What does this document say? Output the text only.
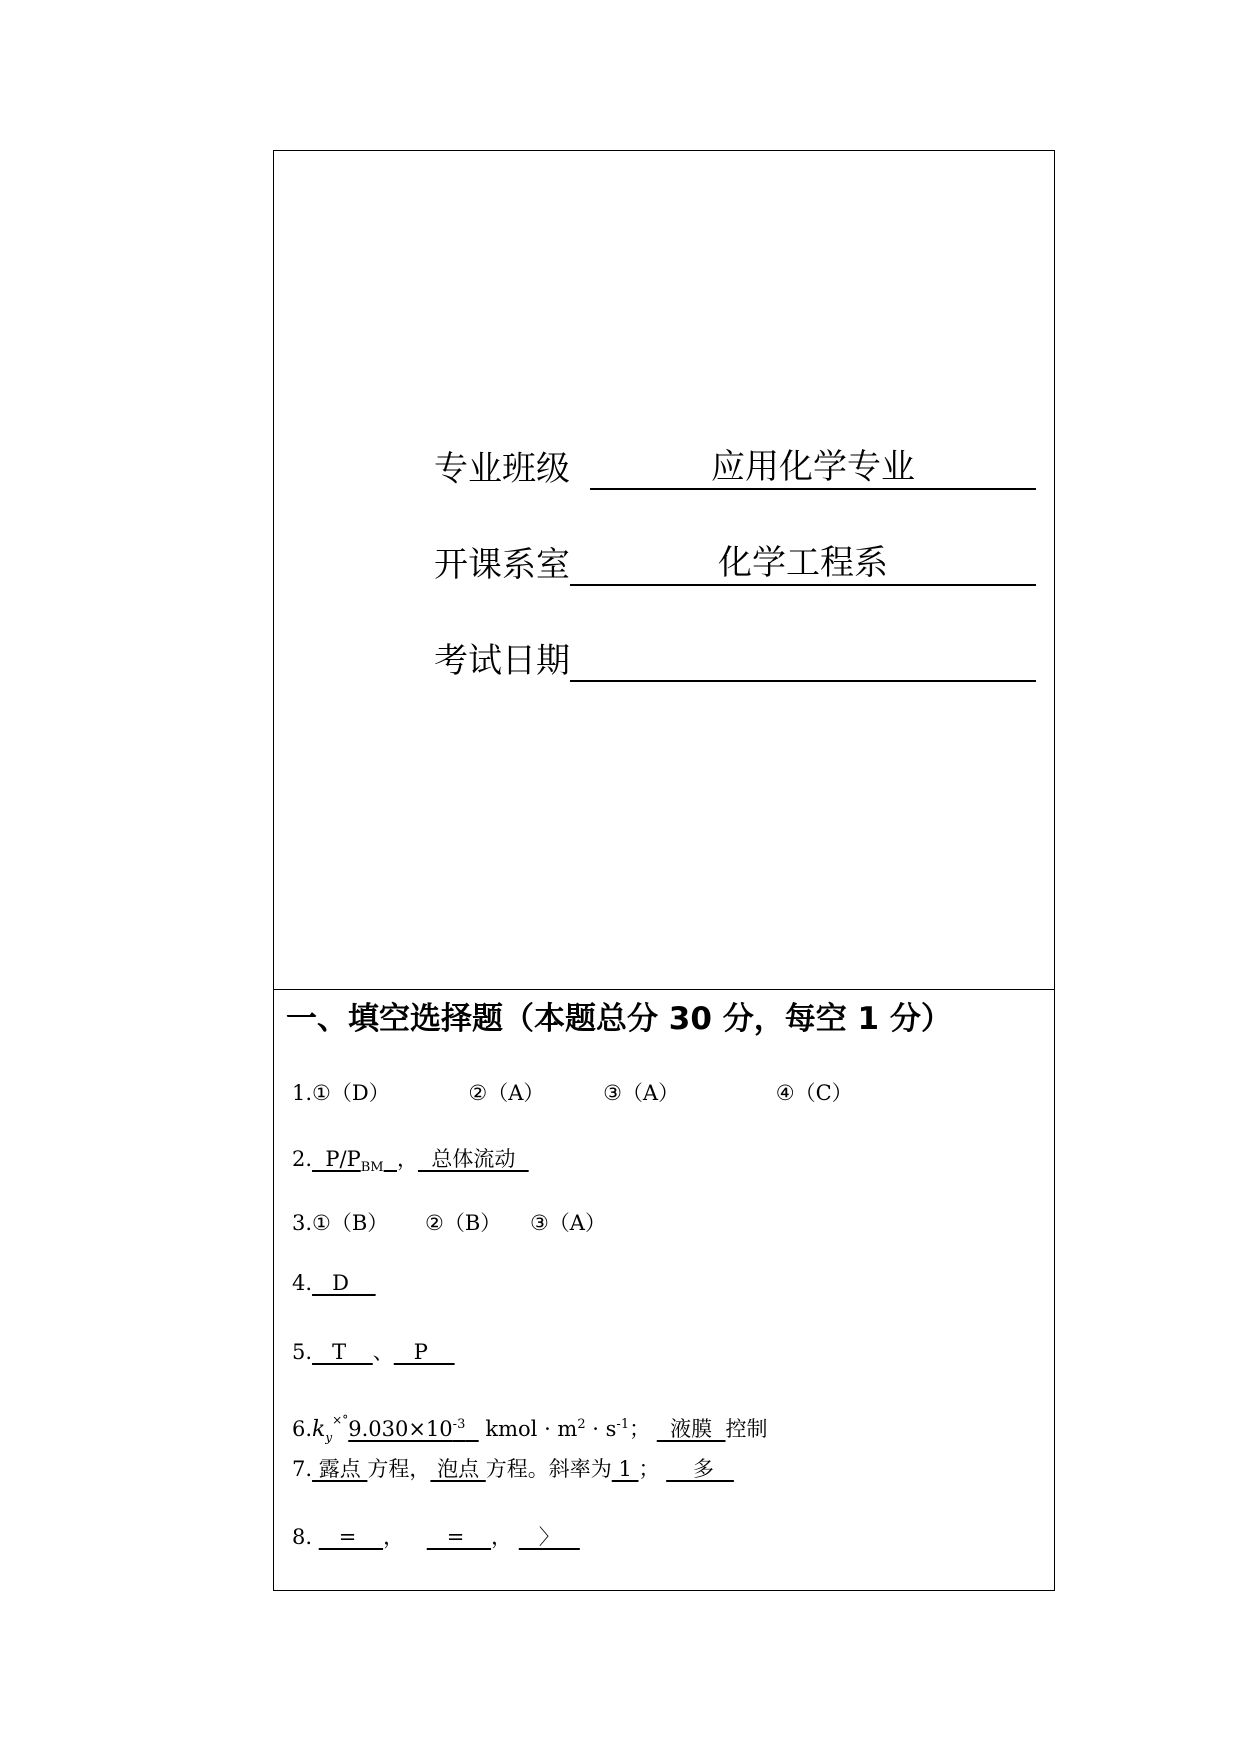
专业班级	应用化学专业
开课系室	化学工程系
考试日期
一、填空选择题（本题总分 30 分，每空 1 分）
1.①（D）	②（A）	③（A）	④（C）
2.  $P/P_{BM}$ ，  总体流动
3.①（B） ②（B） ③（A）
4.   D
5.   T    、   P
$6.k_y^{\times^\circ}9.030\times 10^{-3}$ kmol · $m^2 \cdot s^{-1}$；   液膜  控制
7. 露点 方程， 泡点 方程。斜率为 1 ；     多
8.    =    ，    =    ，    〉
